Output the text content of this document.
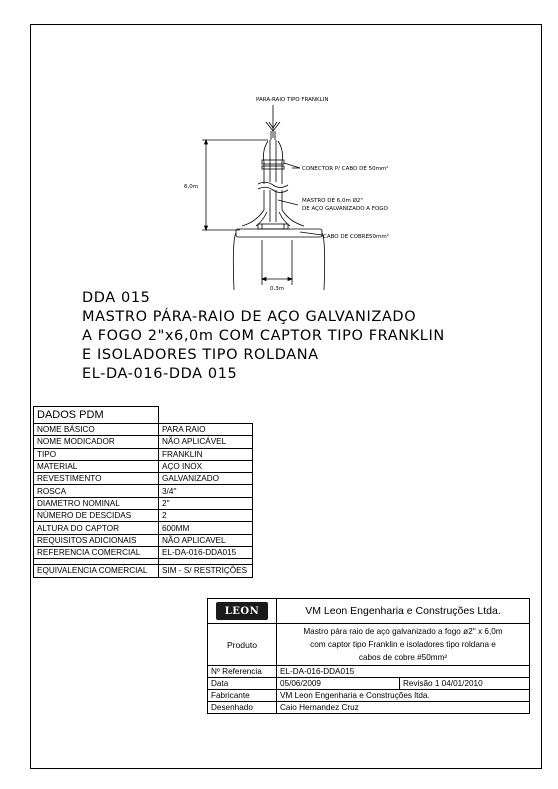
PARA-RAIO TIPO FRANKLIN
CONECTOR P/ CABO DE 50mm²
MASTRO DE 6,0m Ø2"
DE AÇO GALVANIZADO A FOGO
CABO DE COBRE50mm²
6,0m
0,3m
DDA 015
MASTRO PÁRA-RAIO DE AÇO GALVANIZADO
A FOGO 2"x6,0m COM CAPTOR TIPO FRANKLIN
E ISOLADORES TIPO ROLDANA
EL-DA-016-DDA 015
DADOS PDM	
NOME BÁSICO	PARA RAIO
NOME MODICADOR	NÃO APLICÁVEL
TIPO	FRANKLIN
MATERIAL	AÇO INOX
REVESTIMENTO	GALVANIZADO
ROSCA	3/4''
DIAMETRO NOMINAL	2''
NÚMERO DE DESCIDAS	2
ALTURA DO CAPTOR	600MM
REQUISITOS ADICIONAIS	NÃO APLICAVEL
REFERENCIA COMERCIAL	EL-DA-016-DDA015

EQUIVALENCIA COMERCIAL	SIM - S/ RESTRIÇÕES
LEON	VM Leon Engenharia e Construções Ltda.	
Produto	Mastro pára raio de aço galvanizado a fogo ø2'' x 6,0m
com captor tipo Franklin e isoladores tipo roldana e
cabos de cobre #50mm²	

Nº Referencia	EL-DA-016-DDA015	
Data	05/06/2009	Revisão 1 04/01/2010
Fabricante	VM Leon Engenharia e Construções ltda.	
Desenhado	Caio Hernandez Cruz	
